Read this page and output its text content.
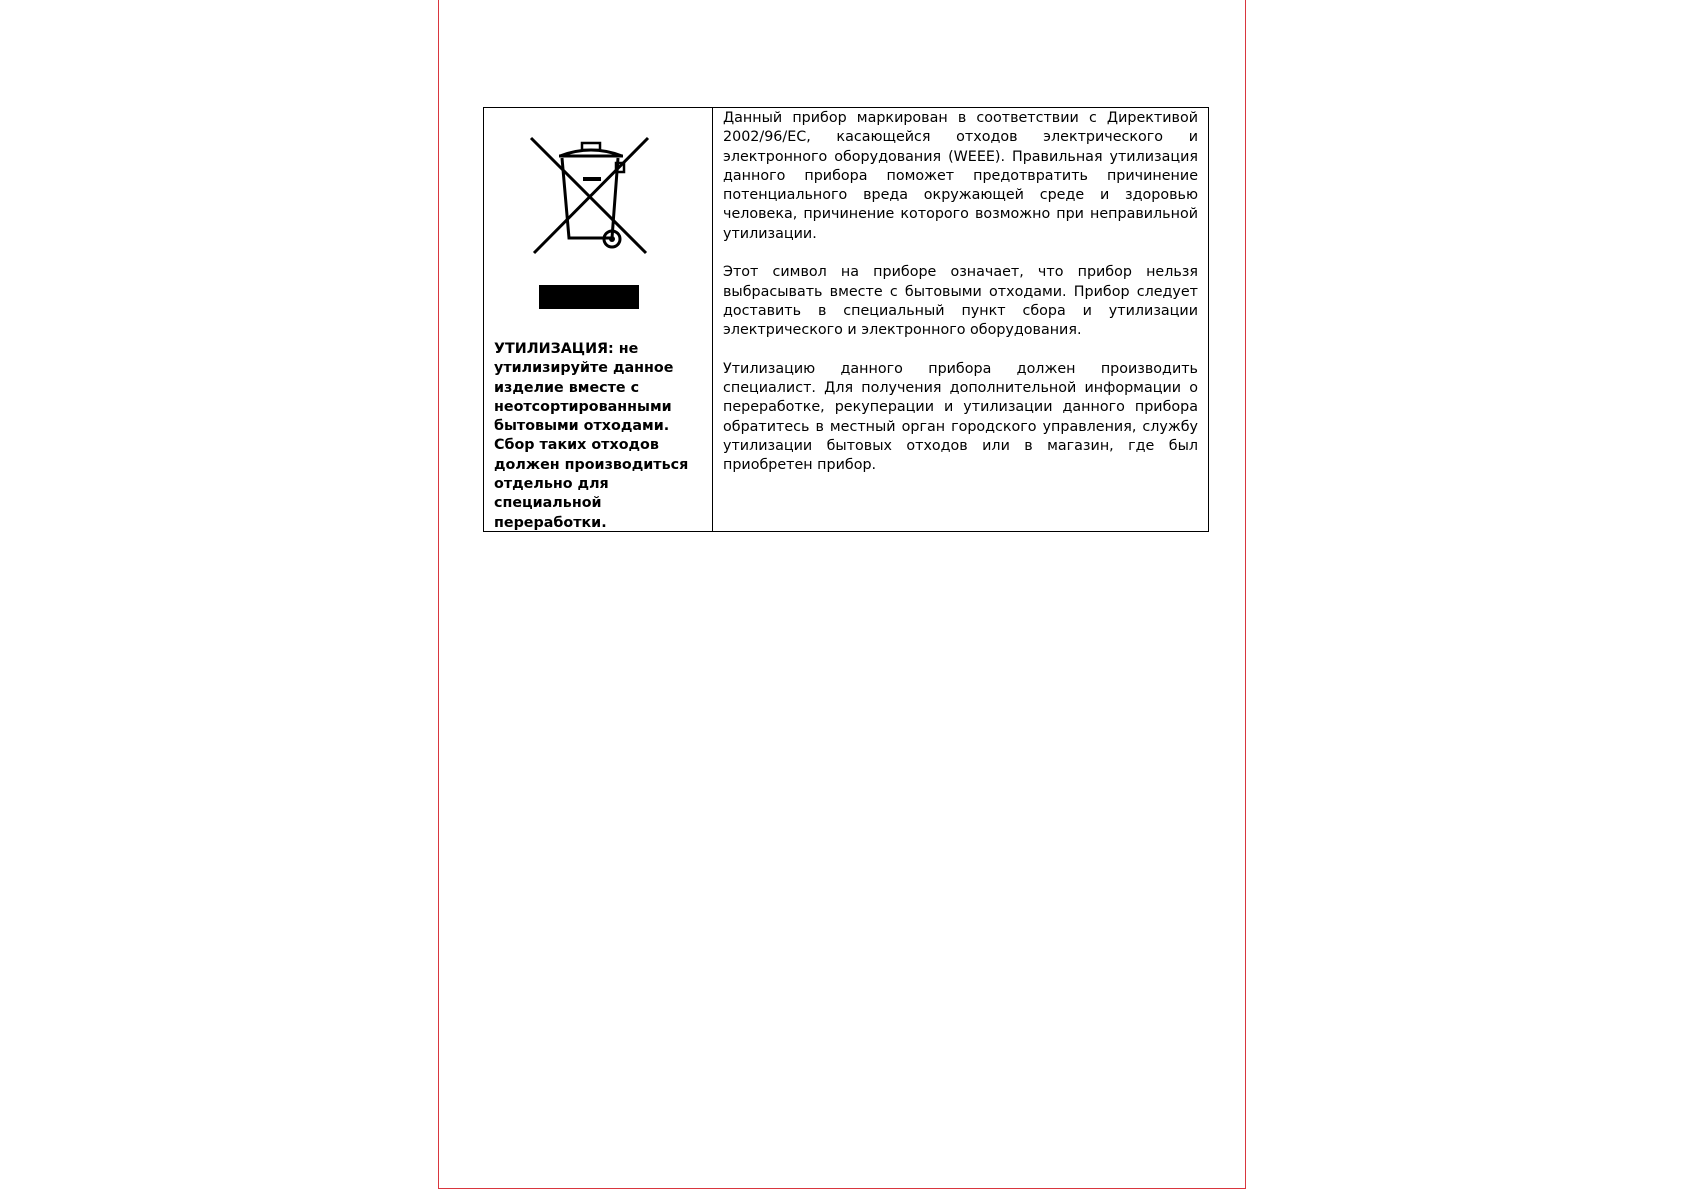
УТИЛИЗАЦИЯ: не утилизируйте данное изделие вместе с неотсортированными бытовыми отходами. Сбор таких отходов должен производиться отдельно для специальной переработки.

Данный прибор маркирован в соответствии с Директивой 2002/96/EC, касающейся отходов электрического и электронного оборудования (WEEE). Правильная утилизация данного прибора поможет предотвратить причинение потенциального вреда окружающей среде и здоровью человека, причинение которого возможно при неправильной утилизации.

Этот символ на приборе означает, что прибор нельзя выбрасывать вместе с бытовыми отходами. Прибор следует доставить в специальный пункт сбора и утилизации электрического и электронного оборудования.

Утилизацию данного прибора должен производить специалист. Для получения дополнительной информации о переработке, рекуперации и утилизации данного прибора обратитесь в местный орган городского управления, службу утилизации бытовых отходов или в магазин, где был приобретен прибор.
